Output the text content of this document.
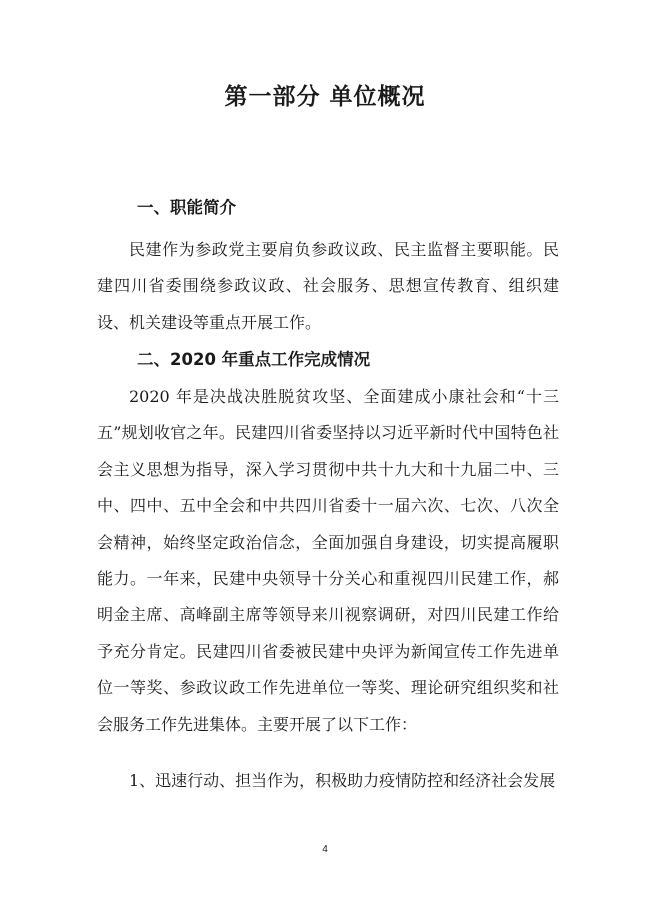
第一部分 单位概况
一、职能简介

民建作为参政党主要肩负参政议政、民主监督主要职能。民建四川省委围绕参政议政、社会服务、思想宣传教育、组织建设、机关建设等重点开展工作。

二、2020 年重点工作完成情况

2020 年是决战决胜脱贫攻坚、全面建成小康社会和“十三五”规划收官之年。民建四川省委坚持以习近平新时代中国特色社会主义思想为指导，深入学习贯彻中共十九大和十九届二中、三中、四中、五中全会和中共四川省委十一届六次、七次、八次全会精神，始终坚定政治信念，全面加强自身建设，切实提高履职能力。一年来，民建中央领导十分关心和重视四川民建工作，郝明金主席、高峰副主席等领导来川视察调研，对四川民建工作给予充分肯定。民建四川省委被民建中央评为新闻宣传工作先进单位一等奖、参政议政工作先进单位一等奖、理论研究组织奖和社会服务工作先进集体。主要开展了以下工作：

1、迅速行动、担当作为，积极助力疫情防控和经济社会发展

4
